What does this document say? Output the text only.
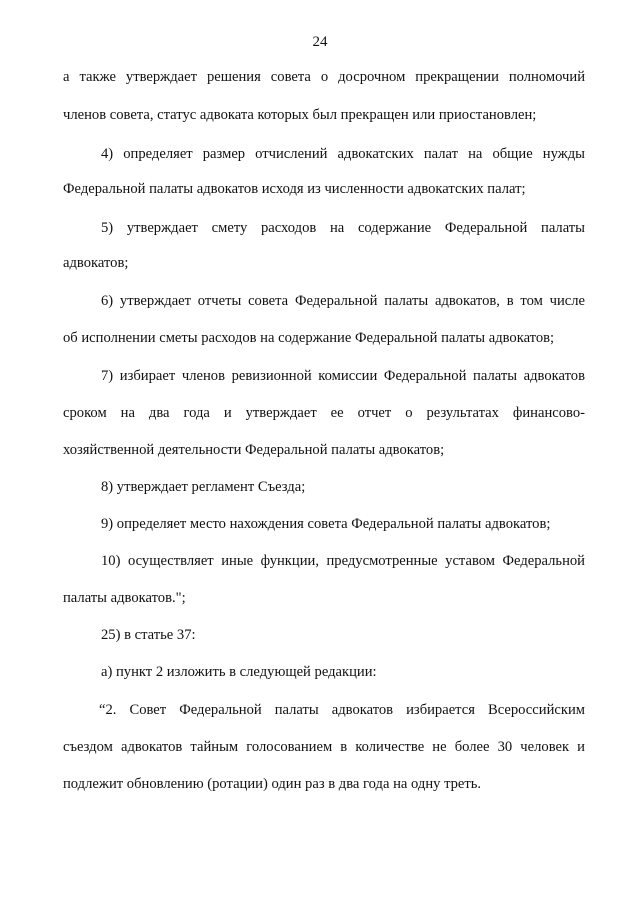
24
а также утверждает решения совета о досрочном прекращении полномочий
членов совета, статус адвоката которых был прекращен или приостановлен;
4) определяет размер отчислений адвокатских палат на общие нужды
Федеральной палаты адвокатов исходя из численности адвокатских палат;
5) утверждает смету расходов на содержание Федеральной палаты
адвокатов;
6) утверждает отчеты совета Федеральной палаты адвокатов, в том числе
об исполнении сметы расходов на содержание Федеральной палаты адвокатов;
7) избирает членов ревизионной комиссии Федеральной палаты адвокатов
сроком на два года и утверждает ее отчет о результатах финансово-
хозяйственной деятельности Федеральной палаты адвокатов;
8) утверждает регламент Съезда;
9) определяет место нахождения совета Федеральной палаты адвокатов;
10) осуществляет иные функции, предусмотренные уставом Федеральной
палаты адвокатов.";
25) в статье 37:
а) пункт 2 изложить в следующей редакции:
“2. Совет Федеральной палаты адвокатов избирается Всероссийским
съездом адвокатов тайным голосованием в количестве не более 30 человек и
подлежит обновлению (ротации) один раз в два года на одну треть.
